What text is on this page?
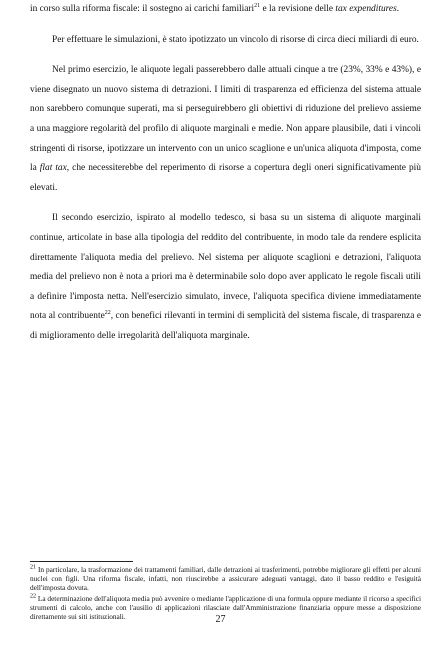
in corso sulla riforma fiscale: il sostegno ai carichi familiari$^{21}$ e la revisione delle tax expenditures.

Per effettuare le simulazioni, è stato ipotizzato un vincolo di risorse di circa dieci miliardi di euro.

Nel primo esercizio, le aliquote legali passerebbero dalle attuali cinque a tre (23%, 33% e 43%), e viene disegnato un nuovo sistema di detrazioni. I limiti di trasparenza ed efficienza del sistema attuale non sarebbero comunque superati, ma si perseguirebbero gli obiettivi di riduzione del prelievo assieme a una maggiore regolarità del profilo di aliquote marginali e medie. Non appare plausibile, dati i vincoli stringenti di risorse, ipotizzare un intervento con un unico scaglione e un'unica aliquota d'imposta, come la flat tax, che necessiterebbe del reperimento di risorse a copertura degli oneri significativamente più elevati.

Il secondo esercizio, ispirato al modello tedesco, si basa su un sistema di aliquote marginali continue, articolate in base alla tipologia del reddito del contribuente, in modo tale da rendere esplicita direttamente l'aliquota media del prelievo. Nel sistema per aliquote scaglioni e detrazioni, l'aliquota media del prelievo non è nota a priori ma è determinabile solo dopo aver applicato le regole fiscali utili a definire l'imposta netta. Nell'esercizio simulato, invece, l'aliquota specifica diviene immediatamente nota al contribuente$^{22}$, con benefici rilevanti in termini di semplicità del sistema fiscale, di trasparenza e di miglioramento delle irregolarità dell'aliquota marginale.

$^{21}$ In particolare, la trasformazione dei trattamenti familiari, dalle detrazioni ai trasferimenti, potrebbe migliorare gli effetti per alcuni nuclei con figli. Una riforma fiscale, infatti, non riuscirebbe a assicurare adeguati vantaggi, dato il basso reddito e l'esiguità dell'imposta dovuta.

$^{22}$ La determinazione dell'aliquota media può avvenire o mediante l'applicazione di una formula oppure mediante il ricorso a specifici strumenti di calcolo, anche con l'ausilio di applicazioni rilasciate dall'Amministrazione finanziaria oppure messe a disposizione direttamente sui siti istituzionali.	27
